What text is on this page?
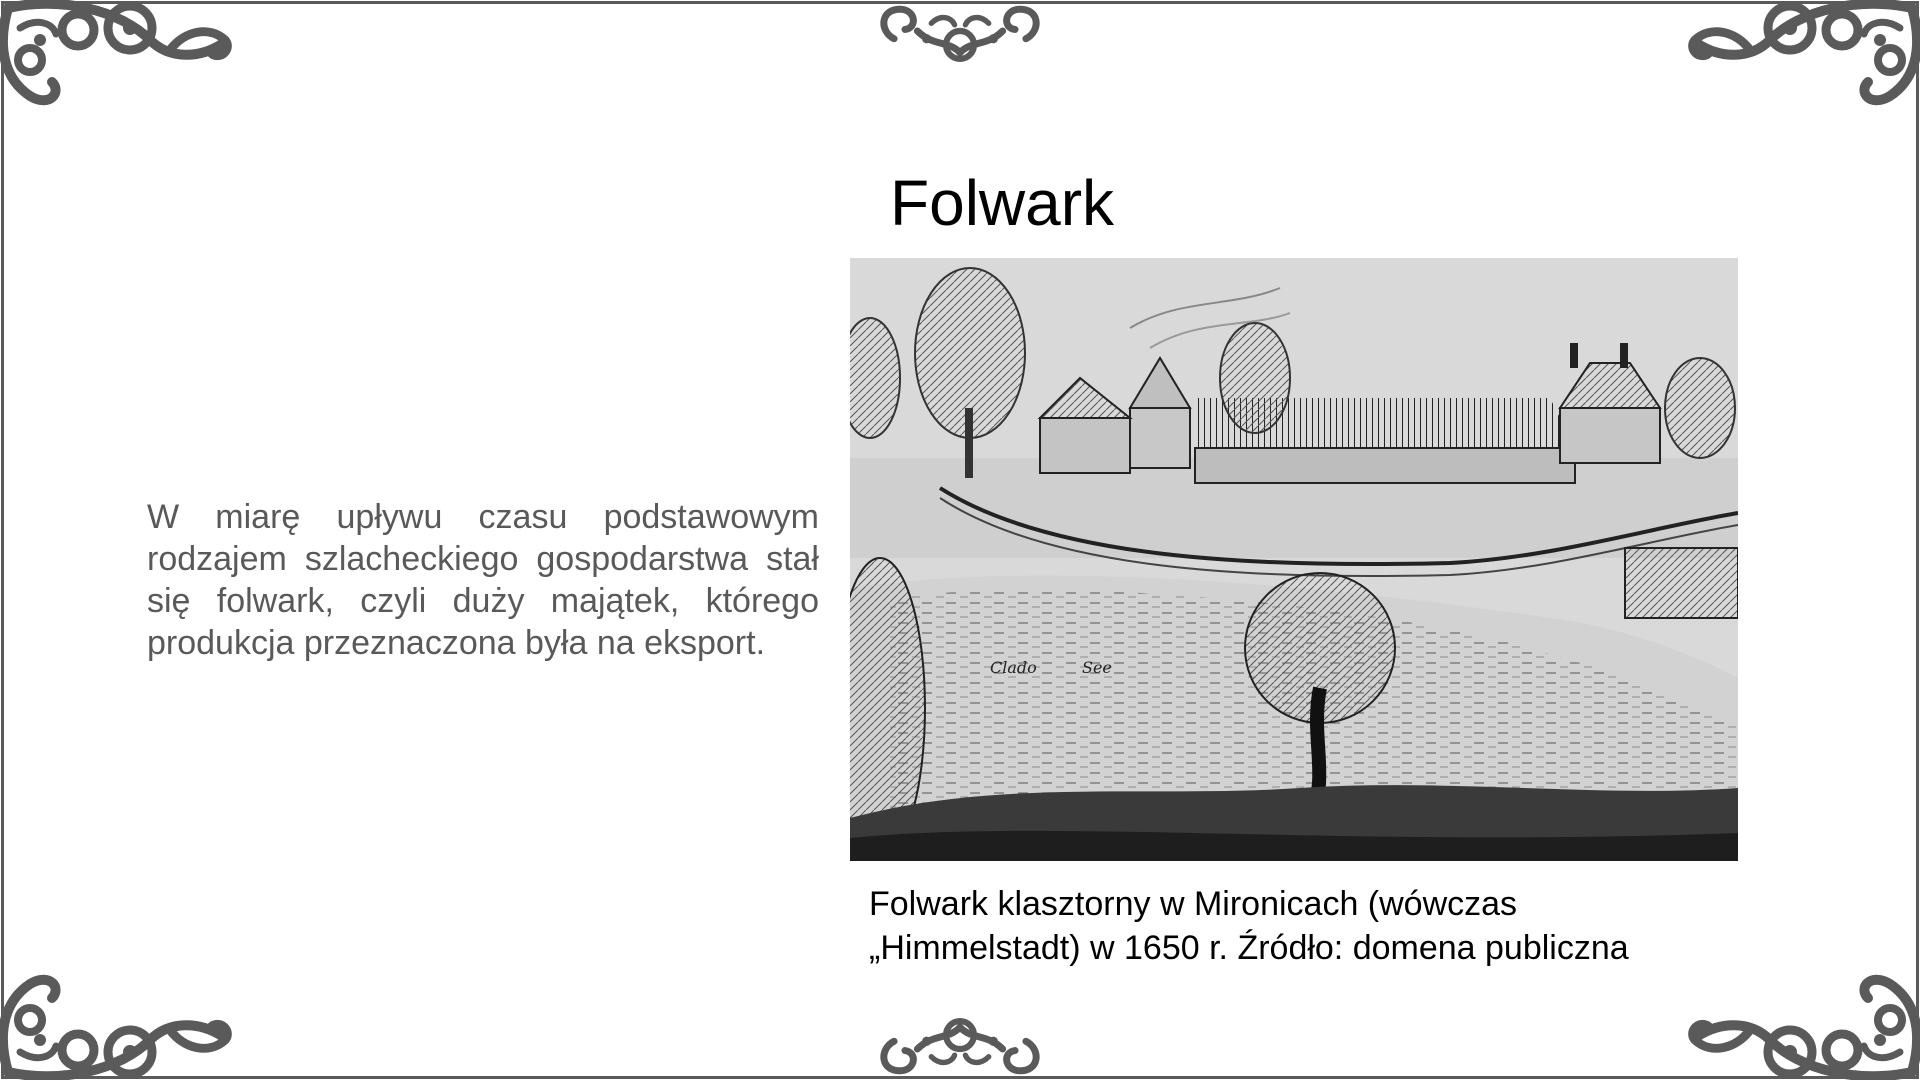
Folwark
W miarę upływu czasu podstawowym rodzajem szlacheckiego gospodarstwa stał się folwark, czyli duży majątek, którego produkcja przeznaczona była na eksport.
Clado	See
Folwark klasztorny w Mironicach (wówczas
„Himmelstadt) w 1650 r. Źródło: domena publiczna
